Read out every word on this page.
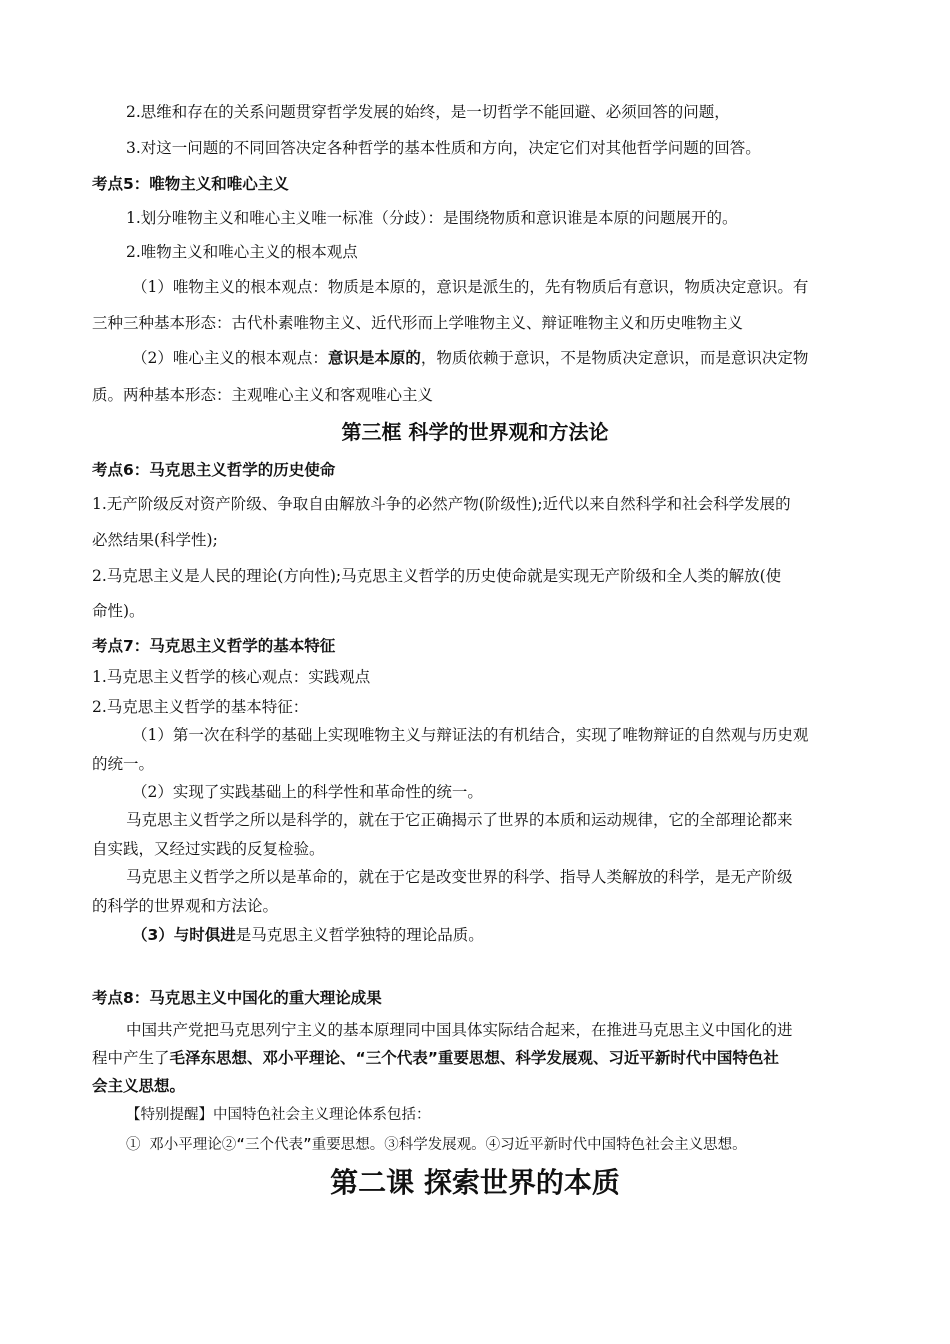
2.思维和存在的关系问题贯穿哲学发展的始终，是一切哲学不能回避、必须回答的问题，
3.对这一问题的不同回答决定各种哲学的基本性质和方向，决定它们对其他哲学问题的回答。
考点5：唯物主义和唯心主义
1.划分唯物主义和唯心主义唯一标准（分歧）：是围绕物质和意识谁是本原的问题展开的。
2.唯物主义和唯心主义的根本观点
（1）唯物主义的根本观点：物质是本原的，意识是派生的，先有物质后有意识，物质决定意识。有
三种三种基本形态：古代朴素唯物主义、近代形而上学唯物主义、辩证唯物主义和历史唯物主义
（2）唯心主义的根本观点：意识是本原的，物质依赖于意识，不是物质决定意识，而是意识决定物
质。两种基本形态：主观唯心主义和客观唯心主义
第三框 科学的世界观和方法论
考点6：马克思主义哲学的历史使命
1.无产阶级反对资产阶级、争取自由解放斗争的必然产物(阶级性);近代以来自然科学和社会科学发展的
必然结果(科学性);
2.马克思主义是人民的理论(方向性);马克思主义哲学的历史使命就是实现无产阶级和全人类的解放(使
命性)。
考点7：马克思主义哲学的基本特征
1.马克思主义哲学的核心观点：实践观点
2.马克思主义哲学的基本特征：
（1）第一次在科学的基础上实现唯物主义与辩证法的有机结合，实现了唯物辩证的自然观与历史观
的统一。
（2）实现了实践基础上的科学性和革命性的统一。
马克思主义哲学之所以是科学的，就在于它正确揭示了世界的本质和运动规律，它的全部理论都来
自实践，又经过实践的反复检验。
马克思主义哲学之所以是革命的，就在于它是改变世界的科学、指导人类解放的科学，是无产阶级
的科学的世界观和方法论。
（3）与时俱进是马克思主义哲学独特的理论品质。
考点8：马克思主义中国化的重大理论成果
中国共产党把马克思列宁主义的基本原理同中国具体实际结合起来，在推进马克思主义中国化的进
程中产生了毛泽东思想、邓小平理论、“三个代表”重要思想、科学发展观、习近平新时代中国特色社
会主义思想。
【特别提醒】中国特色社会主义理论体系包括：
① 邓小平理论②“三个代表”重要思想。③科学发展观。④习近平新时代中国特色社会主义思想。
第二课 探索世界的本质
